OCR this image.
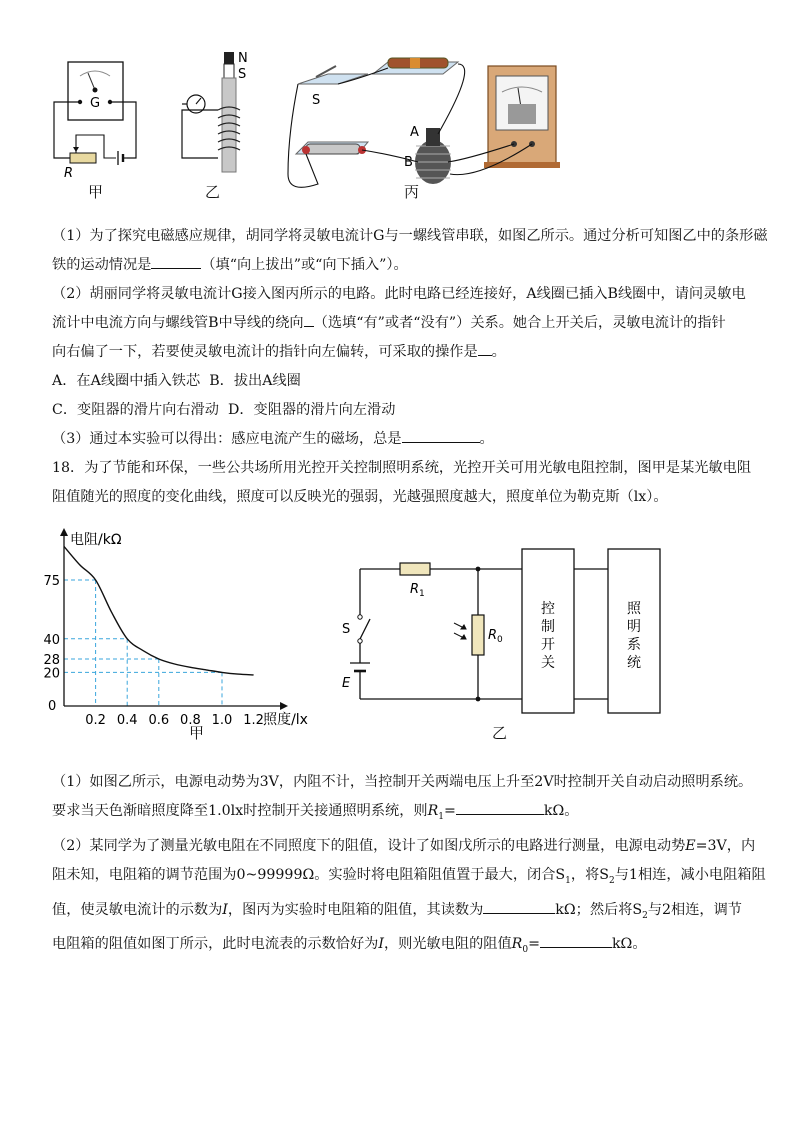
G
R
甲
N
S
乙
S
A
B
丙

（1）为了探究电磁感应规律，胡同学将灵敏电流计G与一螺线管串联，如图乙所示。通过分析可知图乙中的条形磁铁的运动情况是	（填“向上拔出”或“向下插入”）。

（2）胡丽同学将灵敏电流计G接入图丙所示的电路。此时电路已经连接好，A线圈已插入B线圈中，请问灵敏电
流计中电流方向与螺线管B中导线的绕向 （选填“有”或者“没有”）关系。她合上开关后，灵敏电流计的指针
向右偏了一下，若要使灵敏电流计的指针向左偏转，可采取的操作是 。

A．在A线圈中插入铁芯 B．拔出A线圈

C．变阻器的滑片向右滑动 D．变阻器的滑片向左滑动

（3）通过本实验可以得出：感应电流产生的磁场，总是	。

18．为了节能和环保，一些公共场所用光控开关控制照明系统，光控开关可用光敏电阻控制，图甲是某光敏电阻
阻值随光的照度的变化曲线，照度可以反映光的强弱，光越强照度越大，照度单位为勒克斯（lx）。

0.2 0.4 0.6 0.8 1.0 1.2
20
28
40
75
电阻/kΩ
照度/lx
0
甲
$R_1$
$R_0$
S
E
控
制
开
关
照
明
系
统
乙

（1）如图乙所示，电源电动势为3V，内阻不计，当控制开关两端电压上升至2V时控制开关自动启动照明系统。
要求当天色渐暗照度降至1.0lx时控制开关接通照明系统，则$R_1=$	kΩ。

（2）某同学为了测量光敏电阻在不同照度下的阻值，设计了如图戊所示的电路进行测量，电源电动势E=3V，内
阻未知，电阻箱的调节范围为0~99999Ω。实验时将电阻箱阻值置于最大，闭合$S_1$，将$S_2$与1相连，减小电阻箱阻
值，使灵敏电流计的示数为I，图丙为实验时电阻箱的阻值，其读数为	kΩ；然后将$S_2$与2相连，调节
电阻箱的阻值如图丁所示，此时电流表的示数恰好为I，则光敏电阻的阻值$R_0=$	kΩ。
